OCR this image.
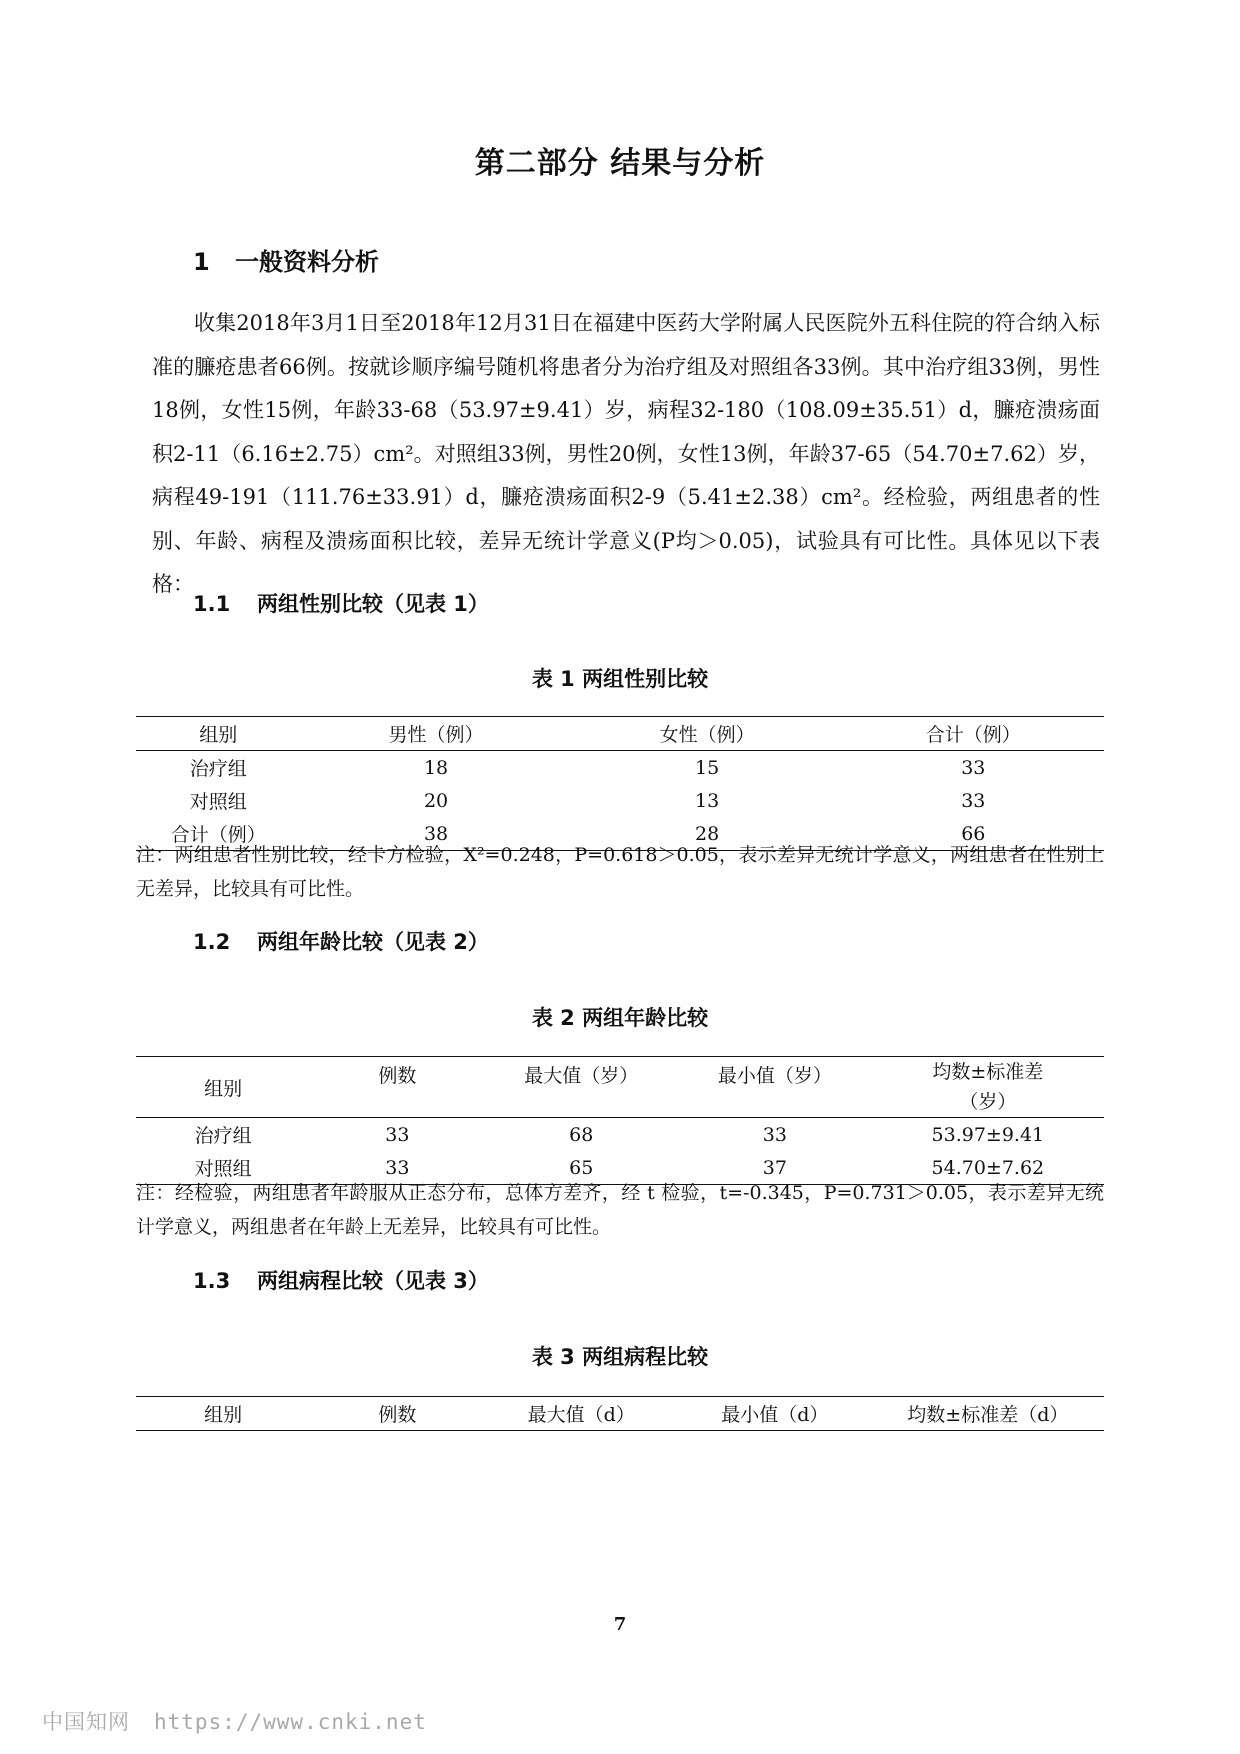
第二部分 结果与分析
1 一般资料分析
收集2018年3月1日至2018年12月31日在福建中医药大学附属人民医院外五科住院的符合纳入标准的臁疮患者66例。按就诊顺序编号随机将患者分为治疗组及对照组各33例。其中治疗组33例，男性18例，女性15例，年龄33-68（53.97±9.41）岁，病程32-180（108.09±35.51）d，臁疮溃疡面积2-11（6.16±2.75）cm²。对照组33例，男性20例，女性13例，年龄37-65（54.70±7.62）岁，病程49-191（111.76±33.91）d，臁疮溃疡面积2-9（5.41±2.38）cm²。经检验，两组患者的性别、年龄、病程及溃疡面积比较，差异无统计学意义(P均＞0.05)，试验具有可比性。具体见以下表格：
1.1 两组性别比较（见表 1）
表 1 两组性别比较
组别	男性（例）	女性（例）	合计（例）
治疗组	18	15	33
对照组	20	13	33
合计（例）	38	28	66
注：两组患者性别比较，经卡方检验，X²=0.248，P=0.618＞0.05，表示差异无统计学意义，两组患者在性别上无差异，比较具有可比性。
1.2 两组年龄比较（见表 2）
表 2 两组年龄比较
组别	例数	最大值（岁）	最小值（岁）	均数±标准差
（岁）
治疗组	33	68	33	53.97±9.41
对照组	33	65	37	54.70±7.62
注：经检验，两组患者年龄服从正态分布，总体方差齐，经 t 检验，t=-0.345，P=0.731＞0.05，表示差异无统计学意义，两组患者在年龄上无差异，比较具有可比性。
1.3 两组病程比较（见表 3）
表 3 两组病程比较
组别	例数	最大值（d）	最小值（d）	均数±标准差（d）
7
中国知网 https://www.cnki.net
